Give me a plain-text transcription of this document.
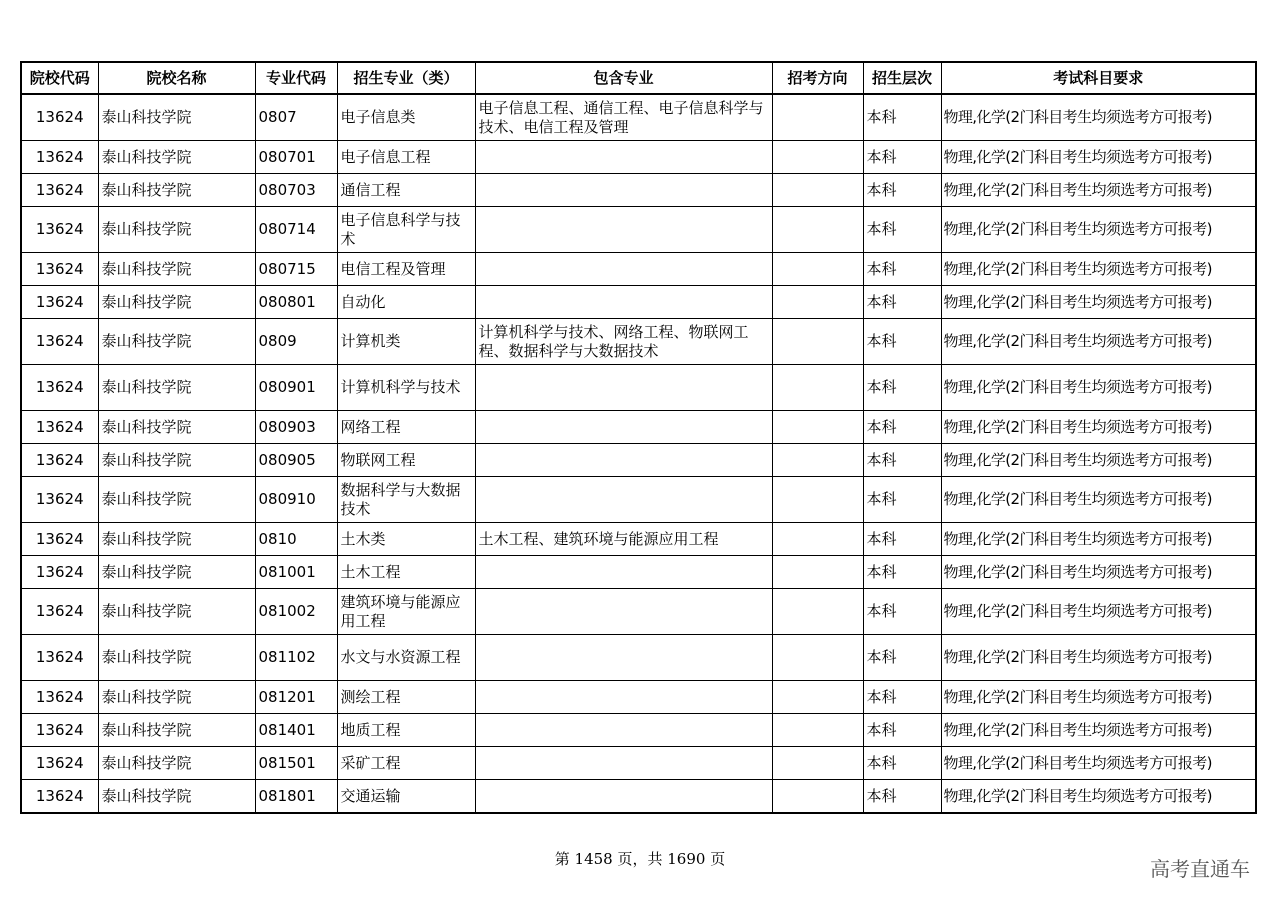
院校代码	院校名称	专业代码	招生专业（类）	包含专业	招考方向	招生层次	考试科目要求
13624	泰山科技学院	0807	电子信息类	电子信息工程、通信工程、电子信息科学与技术、电信工程及管理		本科	物理,化学(2门科目考生均须选考方可报考)
13624	泰山科技学院	080701	电子信息工程			本科	物理,化学(2门科目考生均须选考方可报考)
13624	泰山科技学院	080703	通信工程			本科	物理,化学(2门科目考生均须选考方可报考)
13624	泰山科技学院	080714	电子信息科学与技术			本科	物理,化学(2门科目考生均须选考方可报考)
13624	泰山科技学院	080715	电信工程及管理			本科	物理,化学(2门科目考生均须选考方可报考)
13624	泰山科技学院	080801	自动化			本科	物理,化学(2门科目考生均须选考方可报考)
13624	泰山科技学院	0809	计算机类	计算机科学与技术、网络工程、物联网工程、数据科学与大数据技术		本科	物理,化学(2门科目考生均须选考方可报考)
13624	泰山科技学院	080901	计算机科学与技术			本科	物理,化学(2门科目考生均须选考方可报考)
13624	泰山科技学院	080903	网络工程			本科	物理,化学(2门科目考生均须选考方可报考)
13624	泰山科技学院	080905	物联网工程			本科	物理,化学(2门科目考生均须选考方可报考)
13624	泰山科技学院	080910	数据科学与大数据技术			本科	物理,化学(2门科目考生均须选考方可报考)
13624	泰山科技学院	0810	土木类	土木工程、建筑环境与能源应用工程		本科	物理,化学(2门科目考生均须选考方可报考)
13624	泰山科技学院	081001	土木工程			本科	物理,化学(2门科目考生均须选考方可报考)
13624	泰山科技学院	081002	建筑环境与能源应用工程			本科	物理,化学(2门科目考生均须选考方可报考)
13624	泰山科技学院	081102	水文与水资源工程			本科	物理,化学(2门科目考生均须选考方可报考)
13624	泰山科技学院	081201	测绘工程			本科	物理,化学(2门科目考生均须选考方可报考)
13624	泰山科技学院	081401	地质工程			本科	物理,化学(2门科目考生均须选考方可报考)
13624	泰山科技学院	081501	采矿工程			本科	物理,化学(2门科目考生均须选考方可报考)
13624	泰山科技学院	081801	交通运输			本科	物理,化学(2门科目考生均须选考方可报考)
第 1458 页，共 1690 页	高考直通车
